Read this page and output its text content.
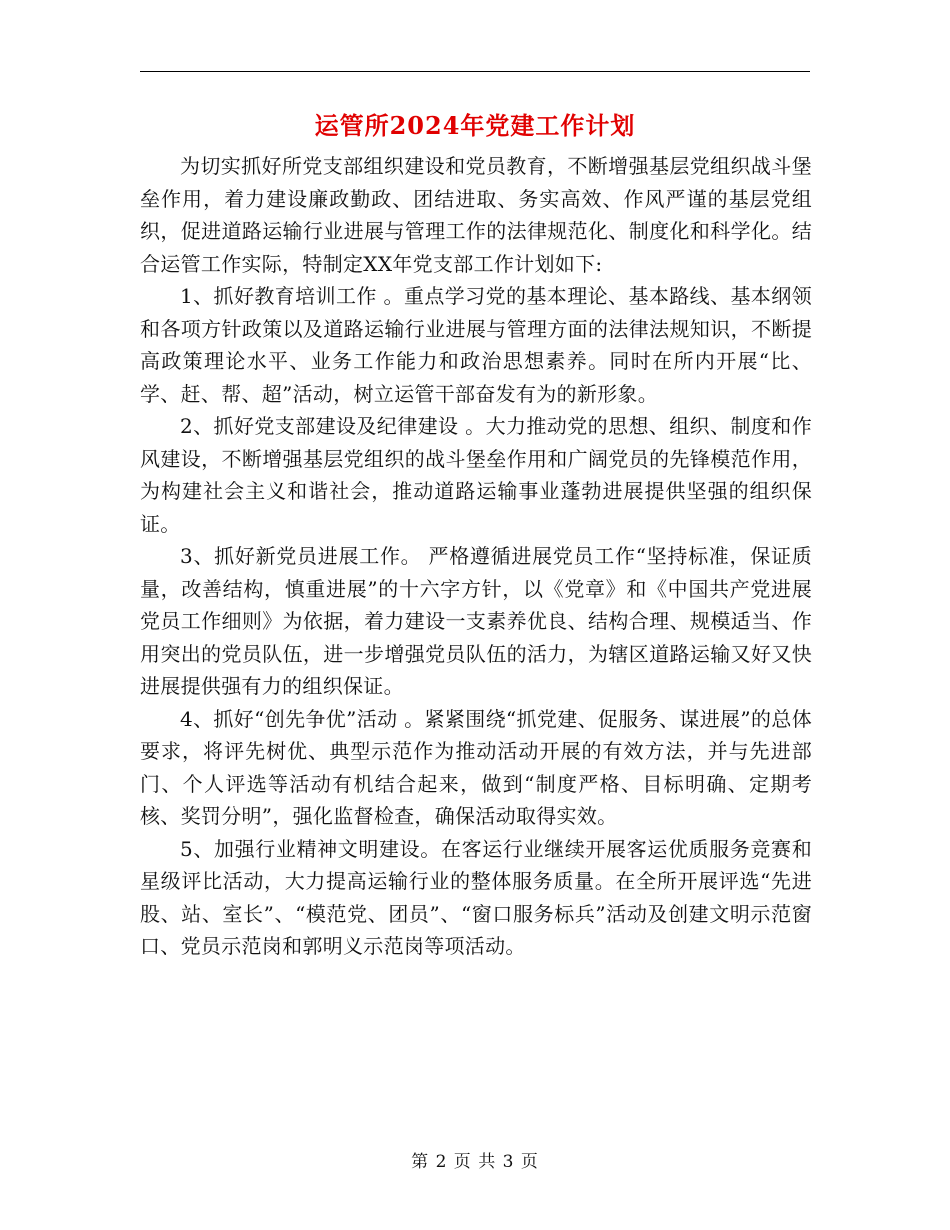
运管所2024年党建工作计划

为切实抓好所党支部组织建设和党员教育，不断增强基层党组织战斗堡垒作用，着力建设廉政勤政、团结进取、务实高效、作风严谨的基层党组织，促进道路运输行业进展与管理工作的法律规范化、制度化和科学化。结合运管工作实际，特制定XX年党支部工作计划如下:

1、抓好教育培训工作 。重点学习党的基本理论、基本路线、基本纲领和各项方针政策以及道路运输行业进展与管理方面的法律法规知识，不断提高政策理论水平、业务工作能力和政治思想素养。同时在所内开展“比、学、赶、帮、超”活动，树立运管干部奋发有为的新形象。

2、抓好党支部建设及纪律建设 。大力推动党的思想、组织、制度和作风建设，不断增强基层党组织的战斗堡垒作用和广阔党员的先锋模范作用，为构建社会主义和谐社会，推动道路运输事业蓬勃进展提供坚强的组织保证。

3、抓好新党员进展工作。 严格遵循进展党员工作“坚持标准，保证质量，改善结构，慎重进展”的十六字方针，以《党章》和《中国共产党进展党员工作细则》为依据，着力建设一支素养优良、结构合理、规模适当、作用突出的党员队伍，进一步增强党员队伍的活力，为辖区道路运输又好又快进展提供强有力的组织保证。

4、抓好“创先争优”活动 。紧紧围绕“抓党建、促服务、谋进展”的总体要求，将评先树优、典型示范作为推动活动开展的有效方法，并与先进部门、个人评选等活动有机结合起来，做到“制度严格、目标明确、定期考核、奖罚分明”，强化监督检查，确保活动取得实效。

5、加强行业精神文明建设。在客运行业继续开展客运优质服务竞赛和星级评比活动，大力提高运输行业的整体服务质量。在全所开展评选“先进股、站、室长”、“模范党、团员”、“窗口服务标兵”活动及创建文明示范窗口、党员示范岗和郭明义示范岗等项活动。

第 2 页 共 3 页
